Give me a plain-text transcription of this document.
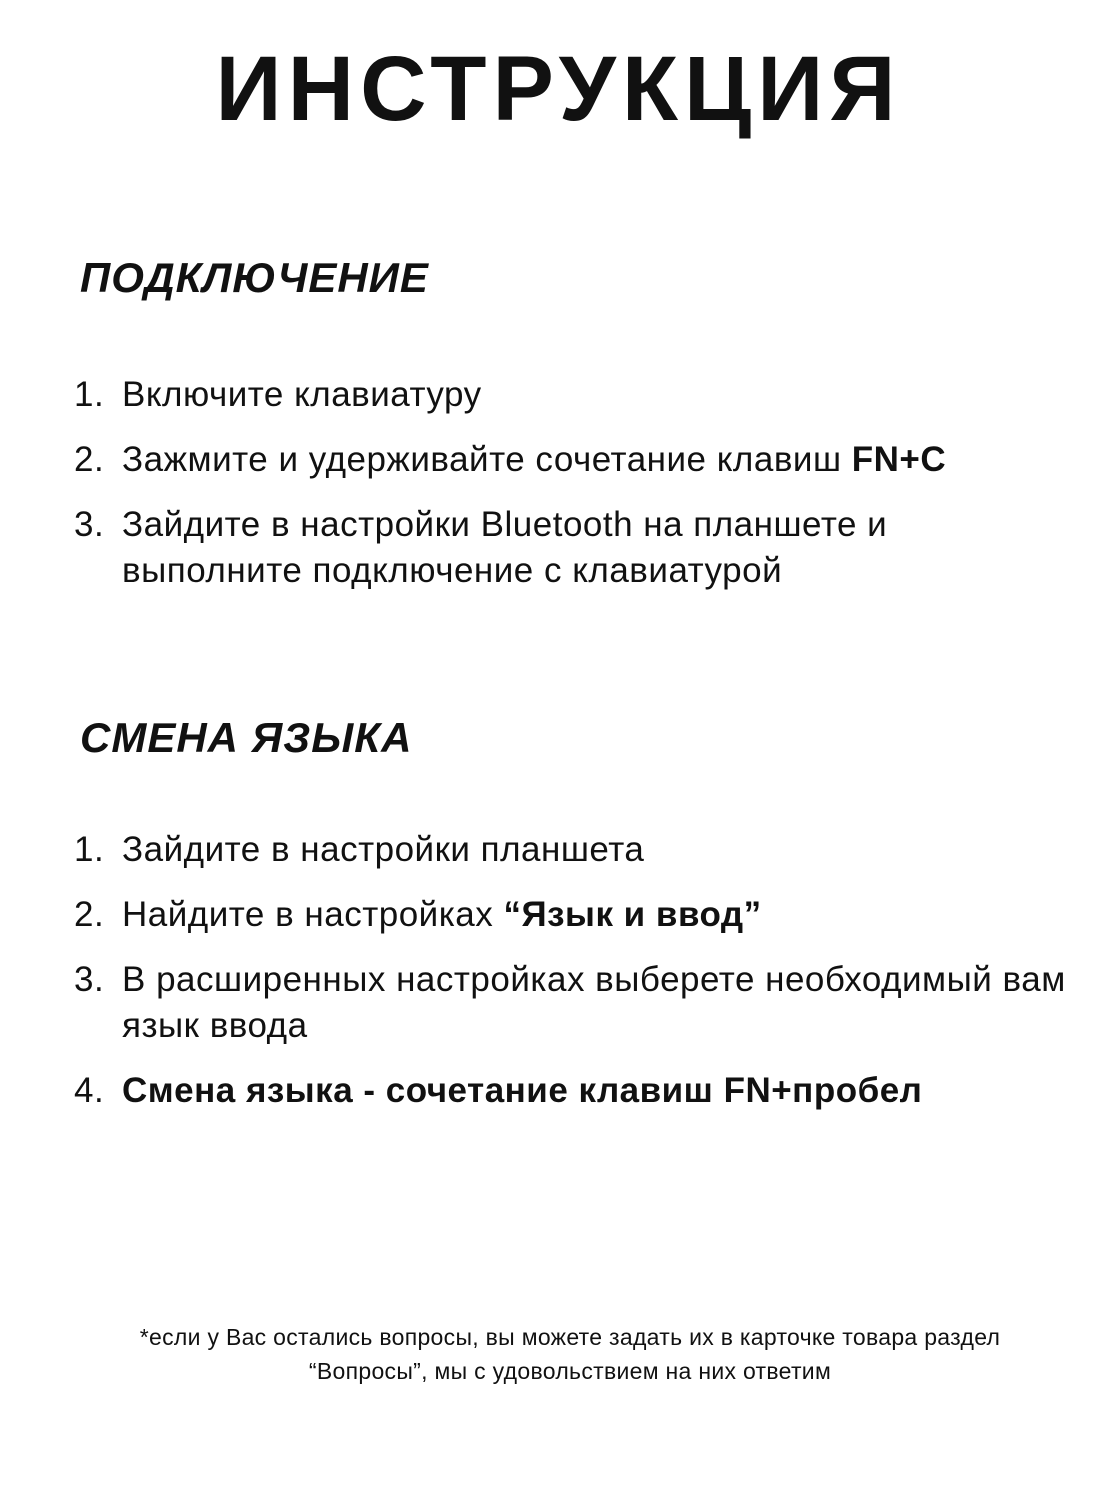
ИНСТРУКЦИЯ
ПОДКЛЮЧЕНИЕ
1. Включите клавиатуру
2. Зажмите и удерживайте сочетание клавиш FN+C
3. Зайдите в настройки Bluetooth на планшете и выполните подключение с клавиатурой
СМЕНА ЯЗЫКА
1. Зайдите в настройки планшета
2. Найдите в настройках “Язык и ввод”
3. В расширенных настройках выберете необходимый вам язык ввода
4. Смена языка - сочетание клавиш FN+пробел
*если у Вас остались вопросы, вы можете задать их в карточке товара раздел “Вопросы”, мы с удовольствием на них ответим
